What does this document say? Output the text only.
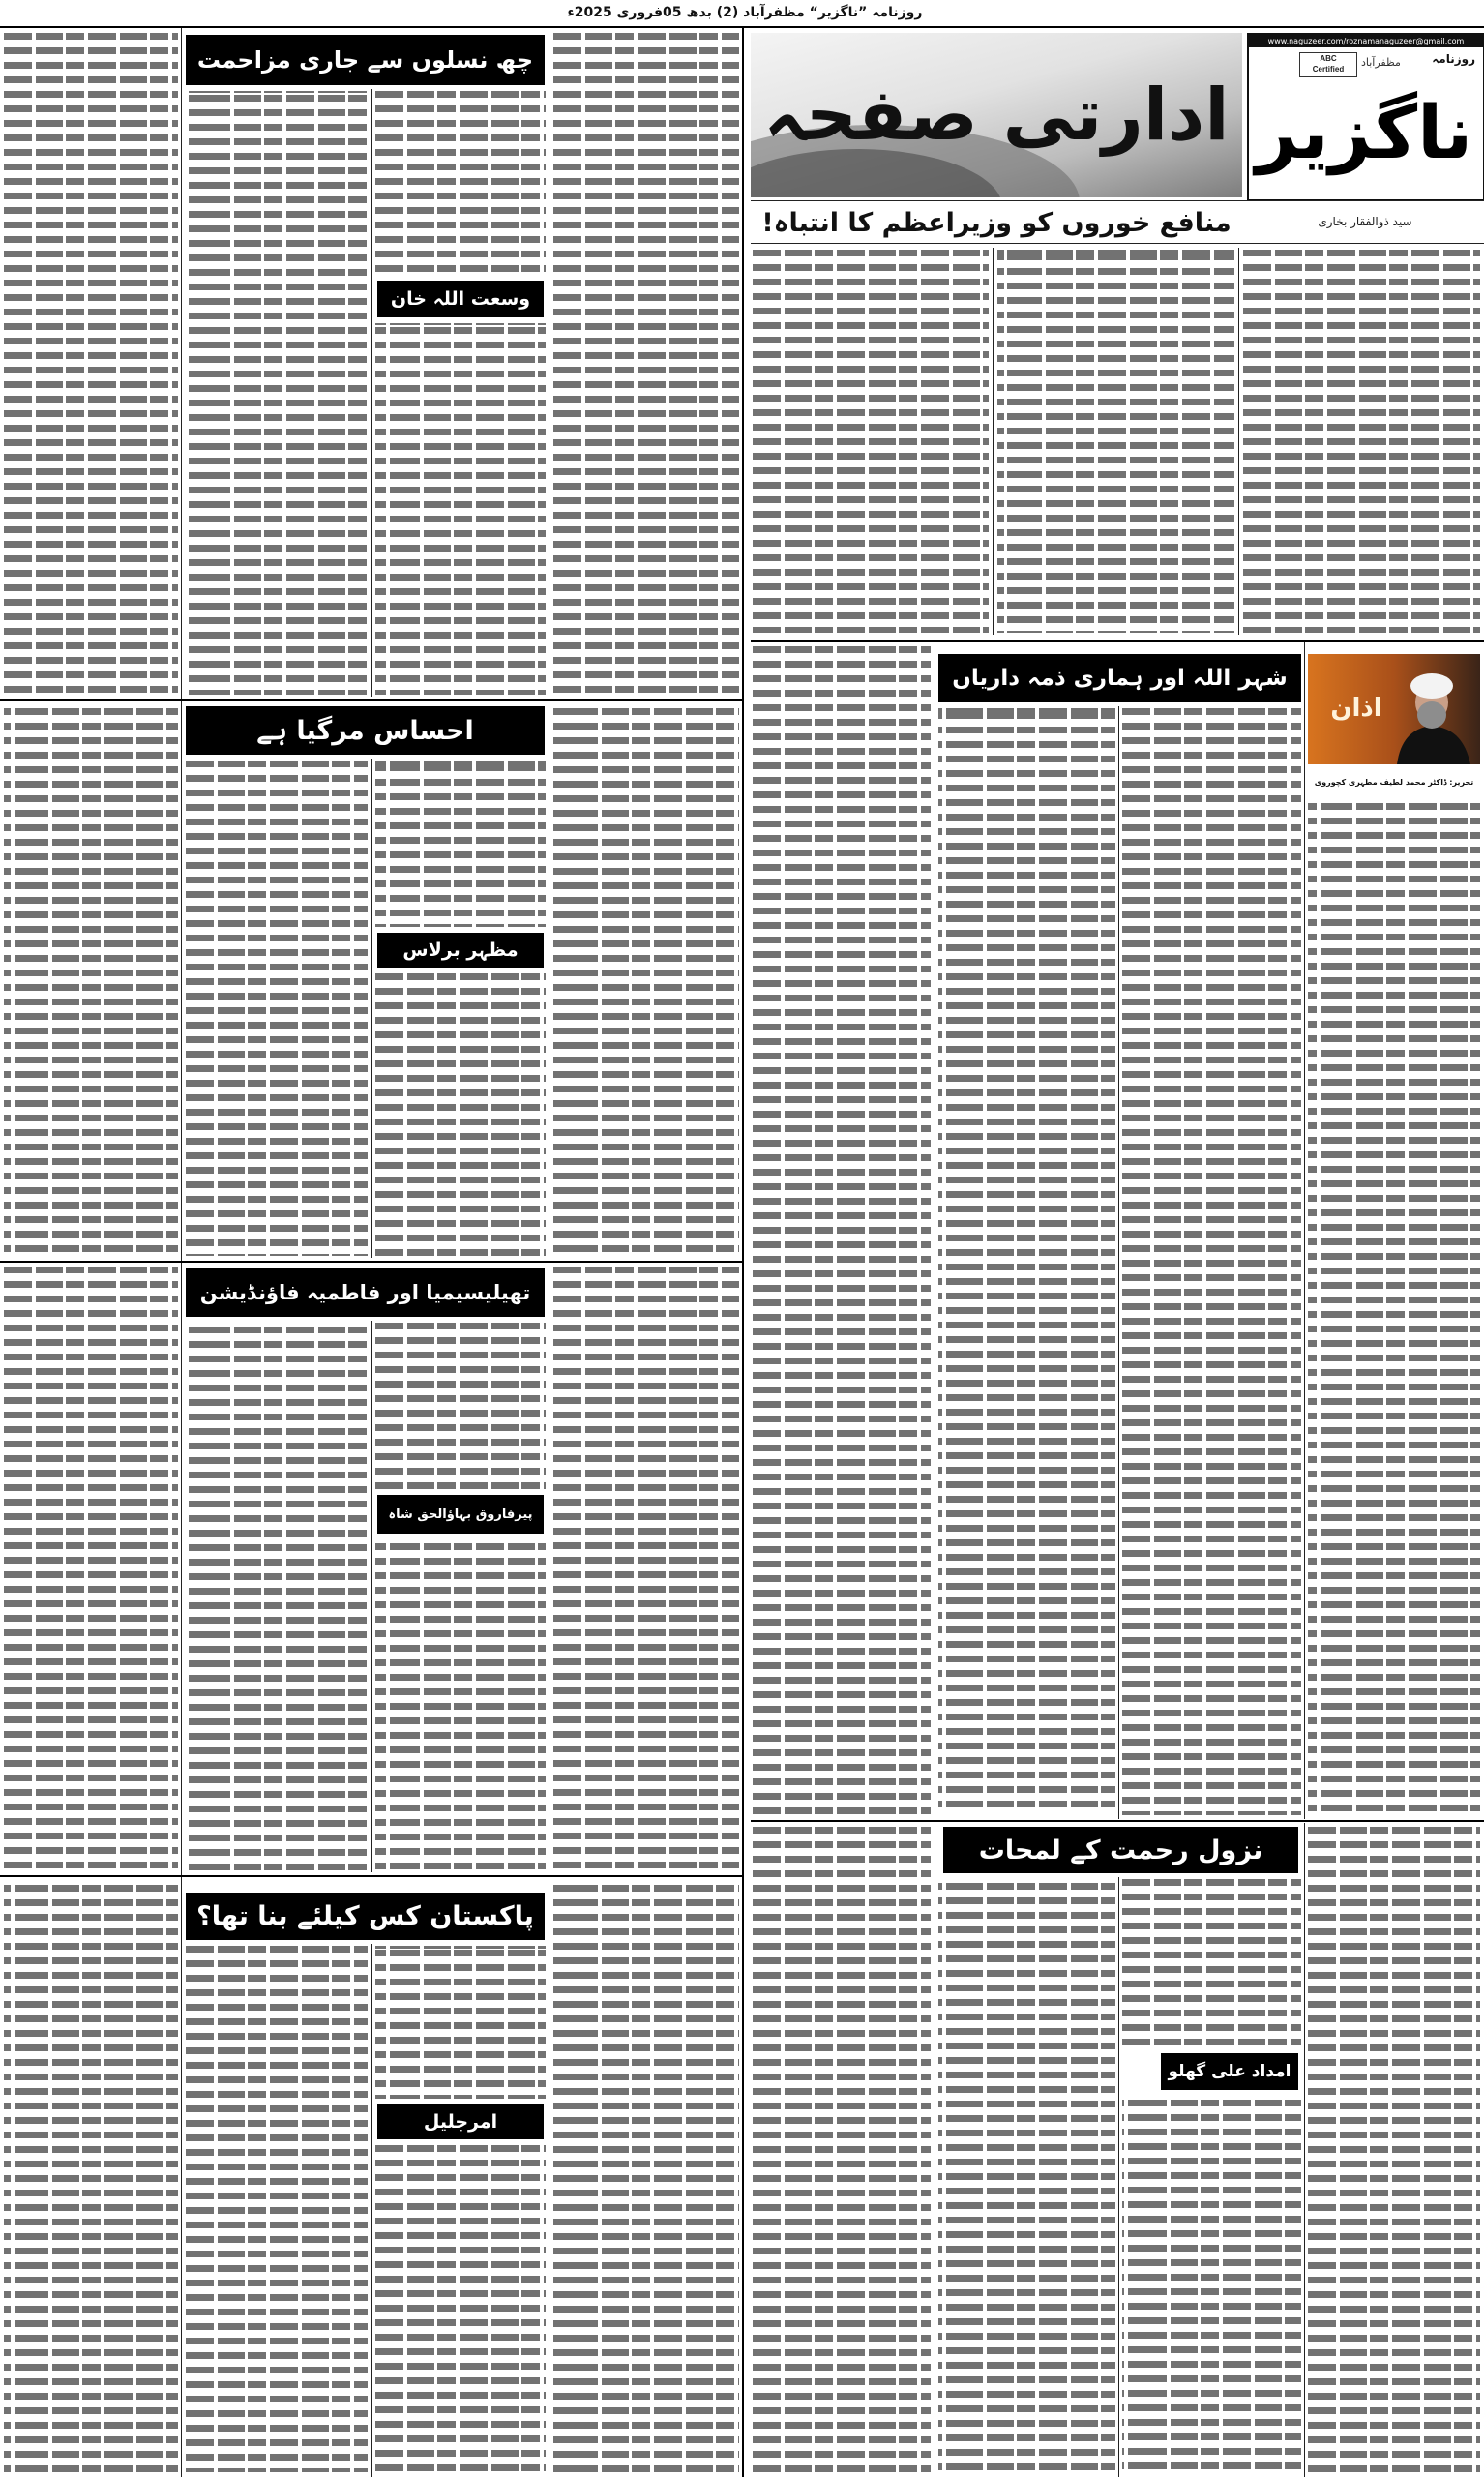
روزنامہ ”ناگزیر“ مظفرآباد (2) بدھ 05فروری 2025ء
ادارتی صفحہ
www.naguzeer.com/roznamanaguzeer@gmail.com
ABC
Certified
مظفرآباد	روزنامہ
ناگزیر
سید ذوالفقار بخاری
منافع خوروں کو وزیراعظم کا انتباہ!
اذان
تحریر: ڈاکٹر محمد لطیف مطہری کچوروی
شہر اللہ اور ہماری ذمہ داریاں
نزول رحمت کے لمحات
امداد علی گھلو
چھ نسلوں سے جاری مزاحمت
وسعت اللہ خان
احساس مرگیا ہے
مظہر برلاس
تھیلیسیمیا اور فاطمیہ فاؤنڈیشن
پیرفاروق بہاؤالحق شاہ
پاکستان کس کیلئے بنا تھا؟
امرجلیل
